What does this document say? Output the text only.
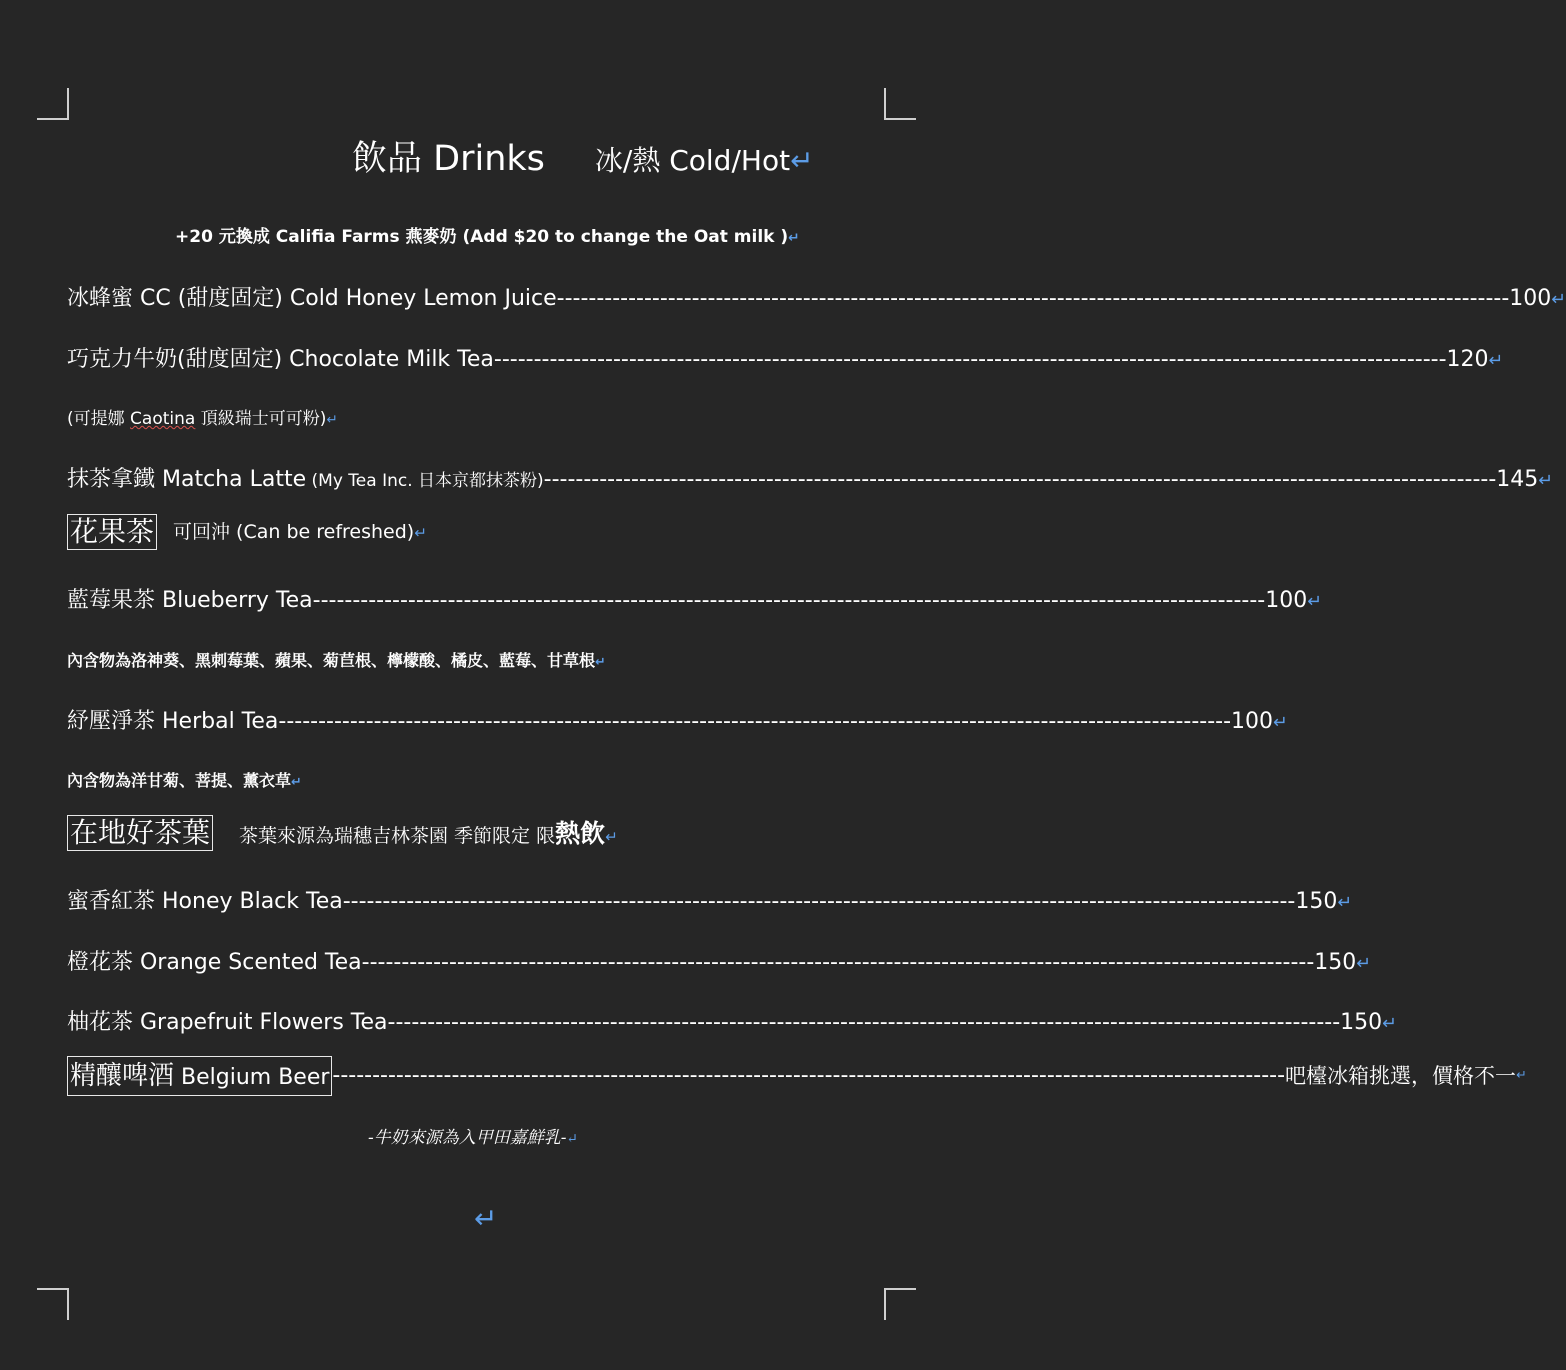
飲品 Drinks 冰/熱 Cold/Hot↵
+20 元換成 Califia Farms 燕麥奶 (Add $20 to change the Oat milk )↵
冰蜂蜜 CC (甜度固定) Cold Honey Lemon Juice ------------------------------------------------------------------------------------------------------------------------ 100 ↵
巧克力牛奶(甜度固定) Chocolate Milk Tea ------------------------------------------------------------------------------------------------------------------------ 120 ↵
(可提娜 Caotina 頂級瑞士可可粉)↵
抹茶拿鐵 Matcha Latte (My Tea Inc. 日本京都抹茶粉) ------------------------------------------------------------------------------------------------------------------------ 145 ↵
花果茶 可回沖 (Can be refreshed)↵
藍莓果茶 Blueberry Tea ------------------------------------------------------------------------------------------------------------------------ 100 ↵
內含物為洛神葵、黑刺莓葉、蘋果、菊苣根、檸檬酸、橘皮、藍莓、甘草根↵
紓壓淨茶 Herbal Tea ------------------------------------------------------------------------------------------------------------------------ 100 ↵
內含物為洋甘菊、菩提、薰衣草↵
在地好茶葉 茶葉來源為瑞穗吉林茶園 季節限定 限熱飲↵
蜜香紅茶 Honey Black Tea ------------------------------------------------------------------------------------------------------------------------ 150 ↵
橙花茶 Orange Scented Tea ------------------------------------------------------------------------------------------------------------------------ 150 ↵
柚花茶 Grapefruit Flowers Tea ------------------------------------------------------------------------------------------------------------------------ 150 ↵
精釀啤酒 Belgium Beer ------------------------------------------------------------------------------------------------------------------------ 吧檯冰箱挑選，價格不一 ↵
-牛奶來源為入甲田嘉鮮乳-↵
↵
